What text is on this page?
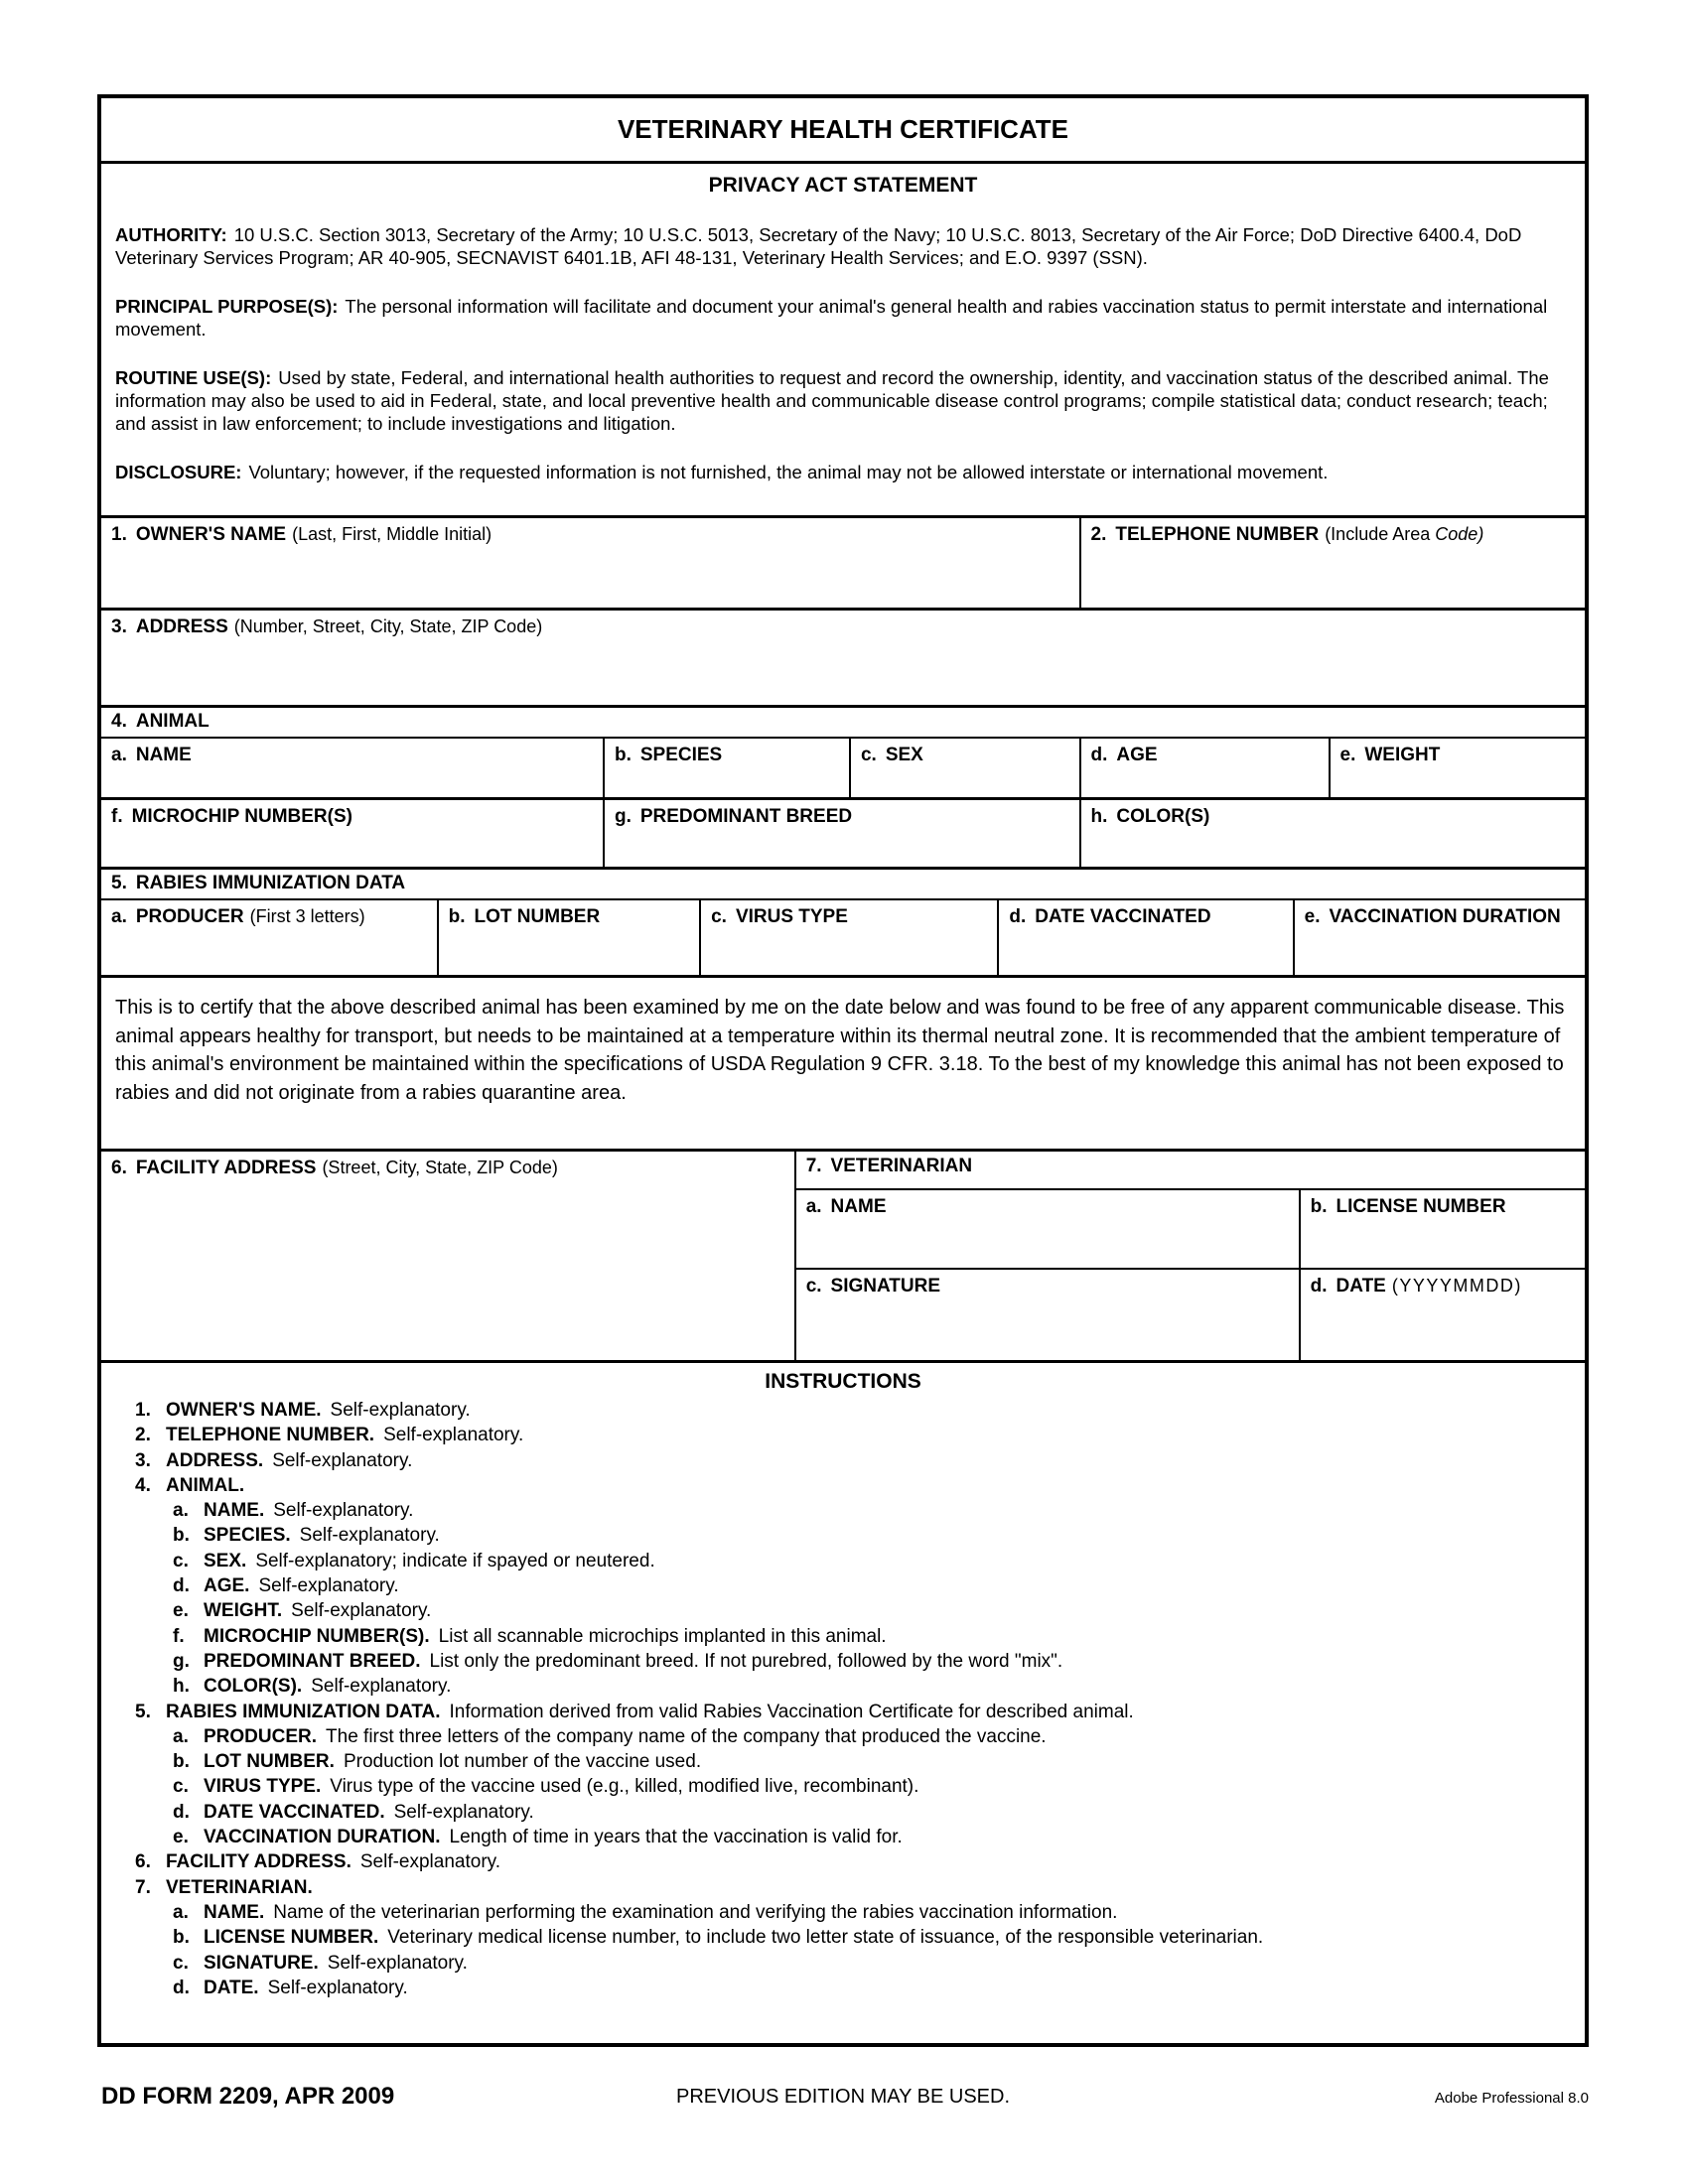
VETERINARY HEALTH CERTIFICATE
PRIVACY ACT STATEMENT

AUTHORITY: 10 U.S.C. Section 3013, Secretary of the Army; 10 U.S.C. 5013, Secretary of the Navy; 10 U.S.C. 8013, Secretary of the Air Force; DoD Directive 6400.4, DoD Veterinary Services Program; AR 40-905, SECNAVIST 6401.1B, AFI 48-131, Veterinary Health Services; and E.O. 9397 (SSN).

PRINCIPAL PURPOSE(S): The personal information will facilitate and document your animal's general health and rabies vaccination status to permit interstate and international movement.

ROUTINE USE(S): Used by state, Federal, and international health authorities to request and record the ownership, identity, and vaccination status of the described animal. The information may also be used to aid in Federal, state, and local preventive health and communicable disease control programs; compile statistical data; conduct research; teach; and assist in law enforcement; to include investigations and litigation.

DISCLOSURE: Voluntary; however, if the requested information is not furnished, the animal may not be allowed interstate or international movement.

1. OWNER'S NAME (Last, First, Middle Initial)	2. TELEPHONE NUMBER (Include Area Code)
3. ADDRESS (Number, Street, City, State, ZIP Code)
4. ANIMAL
a. NAME	b. SPECIES	c. SEX	d. AGE	e. WEIGHT
f. MICROCHIP NUMBER(S)	g. PREDOMINANT BREED	h. COLOR(S)
5. RABIES IMMUNIZATION DATA
a. PRODUCER (First 3 letters)	b. LOT NUMBER	c. VIRUS TYPE	d. DATE VACCINATED	e. VACCINATION DURATION
This is to certify that the above described animal has been examined by me on the date below and was found to be free of any apparent communicable disease. This animal appears healthy for transport, but needs to be maintained at a temperature within its thermal neutral zone. It is recommended that the ambient temperature of this animal's environment be maintained within the specifications of USDA Regulation 9 CFR. 3.18. To the best of my knowledge this animal has not been exposed to rabies and did not originate from a rabies quarantine area.
6. FACILITY ADDRESS (Street, City, State, ZIP Code)	7. VETERINARIAN
a. NAME	b. LICENSE NUMBER
c. SIGNATURE	d. DATE (YYYYMMDD)
INSTRUCTIONS
1. OWNER'S NAME. Self-explanatory.
2. TELEPHONE NUMBER. Self-explanatory.
3. ADDRESS. Self-explanatory.
4. ANIMAL.
a. NAME. Self-explanatory.
b. SPECIES. Self-explanatory.
c. SEX. Self-explanatory; indicate if spayed or neutered.
d. AGE. Self-explanatory.
e. WEIGHT. Self-explanatory.
f. MICROCHIP NUMBER(S). List all scannable microchips implanted in this animal.
g. PREDOMINANT BREED. List only the predominant breed. If not purebred, followed by the word "mix".
h. COLOR(S). Self-explanatory.
5. RABIES IMMUNIZATION DATA. Information derived from valid Rabies Vaccination Certificate for described animal.
a. PRODUCER. The first three letters of the company name of the company that produced the vaccine.
b. LOT NUMBER. Production lot number of the vaccine used.
c. VIRUS TYPE. Virus type of the vaccine used (e.g., killed, modified live, recombinant).
d. DATE VACCINATED. Self-explanatory.
e. VACCINATION DURATION. Length of time in years that the vaccination is valid for.
6. FACILITY ADDRESS. Self-explanatory.
7. VETERINARIAN.
a. NAME. Name of the veterinarian performing the examination and verifying the rabies vaccination information.
b. LICENSE NUMBER. Veterinary medical license number, to include two letter state of issuance, of the responsible veterinarian.
c. SIGNATURE. Self-explanatory.
d. DATE. Self-explanatory.
DD FORM 2209, APR 2009	PREVIOUS EDITION MAY BE USED.	Adobe Professional 8.0
